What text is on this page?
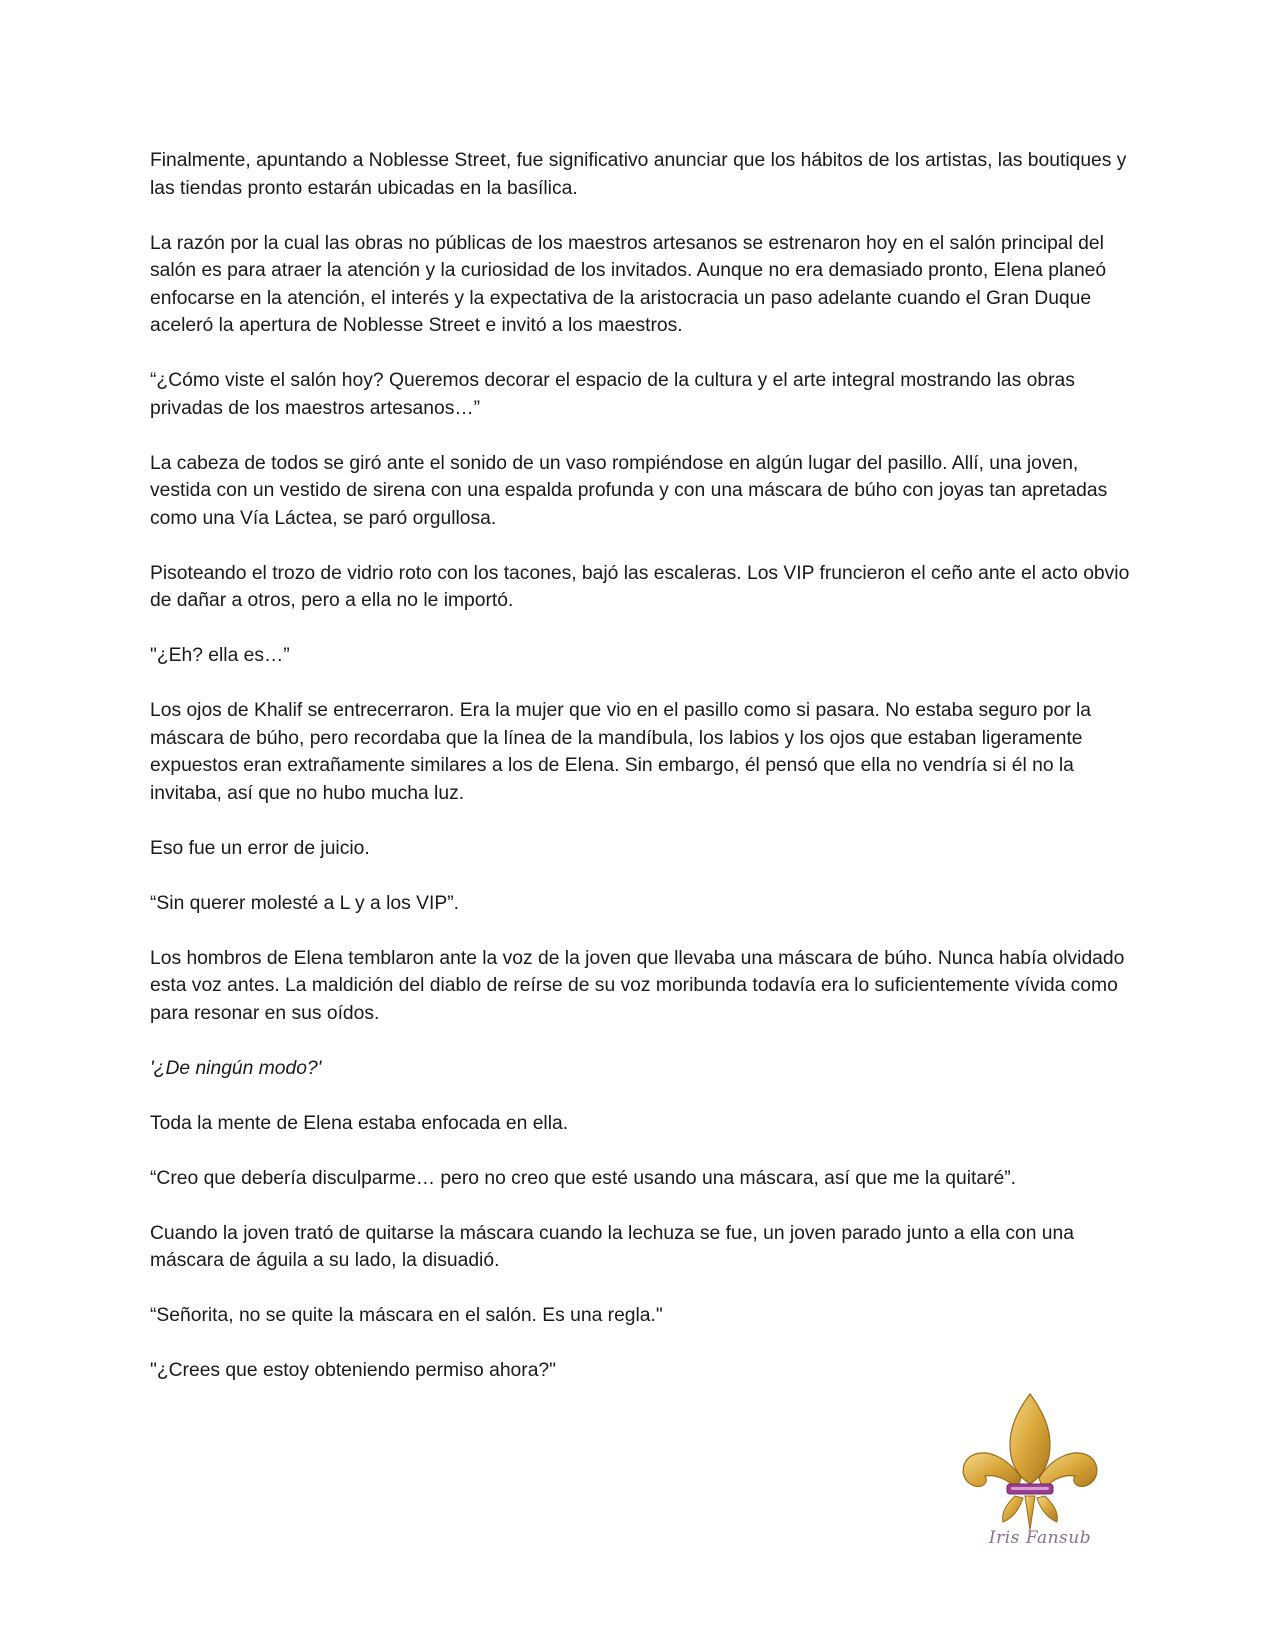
Finalmente, apuntando a Noblesse Street, fue significativo anunciar que los hábitos de los artistas, las boutiques y las tiendas pronto estarán ubicadas en la basílica.

La razón por la cual las obras no públicas de los maestros artesanos se estrenaron hoy en el salón principal del salón es para atraer la atención y la curiosidad de los invitados. Aunque no era demasiado pronto, Elena planeó enfocarse en la atención, el interés y la expectativa de la aristocracia un paso adelante cuando el Gran Duque aceleró la apertura de Noblesse Street e invitó a los maestros.

“¿Cómo viste el salón hoy? Queremos decorar el espacio de la cultura y el arte integral mostrando las obras privadas de los maestros artesanos…”

La cabeza de todos se giró ante el sonido de un vaso rompiéndose en algún lugar del pasillo. Allí, una joven, vestida con un vestido de sirena con una espalda profunda y con una máscara de búho con joyas tan apretadas como una Vía Láctea, se paró orgullosa.

Pisoteando el trozo de vidrio roto con los tacones, bajó las escaleras. Los VIP fruncieron el ceño ante el acto obvio de dañar a otros, pero a ella no le importó.

"¿Eh? ella es…”

Los ojos de Khalif se entrecerraron. Era la mujer que vio en el pasillo como si pasara. No estaba seguro por la máscara de búho, pero recordaba que la línea de la mandíbula, los labios y los ojos que estaban ligeramente expuestos eran extrañamente similares a los de Elena. Sin embargo, él pensó que ella no vendría si él no la invitaba, así que no hubo mucha luz.

Eso fue un error de juicio.

“Sin querer molesté a L y a los VIP”.

Los hombros de Elena temblaron ante la voz de la joven que llevaba una máscara de búho. Nunca había olvidado esta voz antes. La maldición del diablo de reírse de su voz moribunda todavía era lo suficientemente vívida como para resonar en sus oídos.

'¿De ningún modo?'

Toda la mente de Elena estaba enfocada en ella.

“Creo que debería disculparme… pero no creo que esté usando una máscara, así que me la quitaré”.

Cuando la joven trató de quitarse la máscara cuando la lechuza se fue, un joven parado junto a ella con una máscara de águila a su lado, la disuadió.

“Señorita, no se quite la máscara en el salón. Es una regla."

"¿Crees que estoy obteniendo permiso ahora?"

Iris Fansub
